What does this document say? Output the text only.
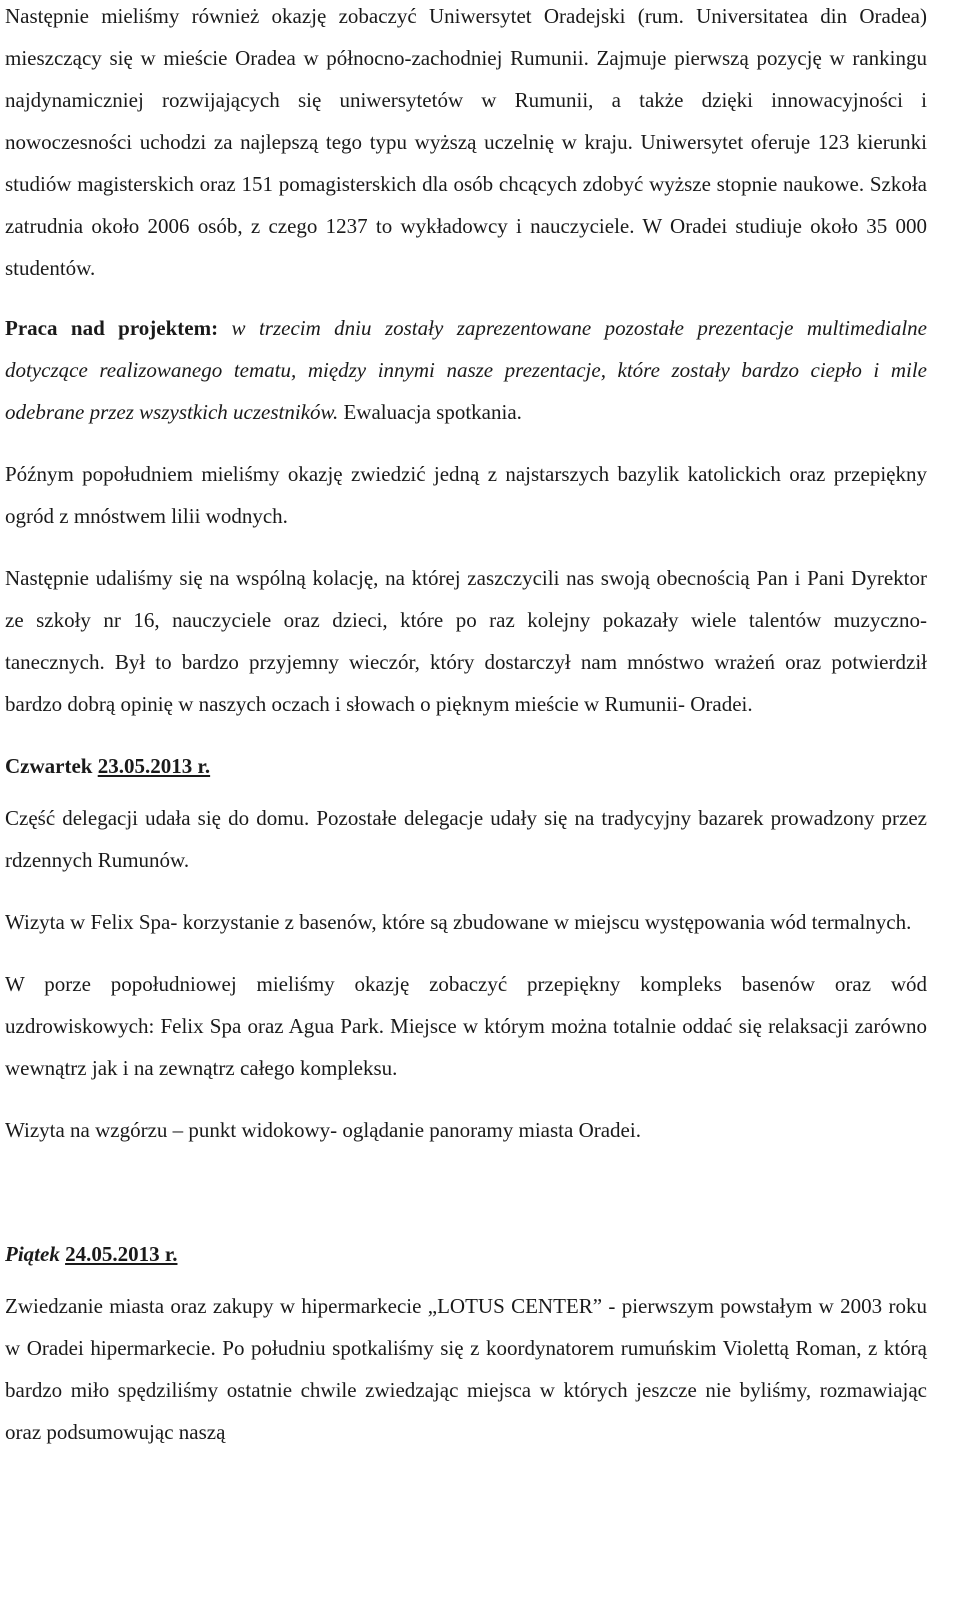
Następnie mieliśmy również okazję zobaczyć Uniwersytet Oradejski (rum. Universitatea din Oradea) mieszczący się w mieście Oradea w północno-zachodniej Rumunii. Zajmuje pierwszą pozycję w rankingu najdynamiczniej rozwijających się uniwersytetów w Rumunii, a także dzięki innowacyjności i nowoczesności uchodzi za najlepszą tego typu wyższą uczelnię w kraju. Uniwersytet oferuje 123 kierunki studiów magisterskich oraz 151 pomagisterskich dla osób chcących zdobyć wyższe stopnie naukowe. Szkoła zatrudnia około 2006 osób, z czego 1237 to wykładowcy i nauczyciele. W Oradei studiuje około 35 000 studentów.

Praca nad projektem: w trzecim dniu zostały zaprezentowane pozostałe prezentacje multimedialne dotyczące realizowanego tematu, między innymi nasze prezentacje, które zostały bardzo ciepło i mile odebrane przez wszystkich uczestników. Ewaluacja spotkania.

Późnym popołudniem mieliśmy okazję zwiedzić jedną z najstarszych bazylik katolickich oraz przepiękny ogród z mnóstwem lilii wodnych.

Następnie udaliśmy się na wspólną kolację, na której zaszczycili nas swoją obecnością Pan i Pani Dyrektor ze szkoły nr 16, nauczyciele oraz dzieci, które po raz kolejny pokazały wiele talentów muzyczno- tanecznych. Był to bardzo przyjemny wieczór, który dostarczył nam mnóstwo wrażeń oraz potwierdził bardzo dobrą opinię w naszych oczach i słowach o pięknym mieście w Rumunii- Oradei.

Czwartek 23.05.2013 r.

Część delegacji udała się do domu. Pozostałe delegacje udały się na tradycyjny bazarek prowadzony przez rdzennych Rumunów.

Wizyta w Felix Spa- korzystanie z basenów, które są zbudowane w miejscu występowania wód termalnych.

W porze popołudniowej mieliśmy okazję zobaczyć przepiękny kompleks basenów oraz wód uzdrowiskowych: Felix Spa oraz Agua Park. Miejsce w którym można totalnie oddać się relaksacji zarówno wewnątrz jak i na zewnątrz całego kompleksu.

Wizyta na wzgórzu – punkt widokowy- oglądanie panoramy miasta Oradei.

Piątek 24.05.2013 r.

Zwiedzanie miasta oraz zakupy w hipermarkecie „LOTUS CENTER” - pierwszym powstałym w 2003 roku w Oradei hipermarkecie. Po południu spotkaliśmy się z koordynatorem rumuńskim Violettą Roman, z którą bardzo miło spędziliśmy ostatnie chwile zwiedzając miejsca w których jeszcze nie byliśmy, rozmawiając oraz podsumowując naszą
